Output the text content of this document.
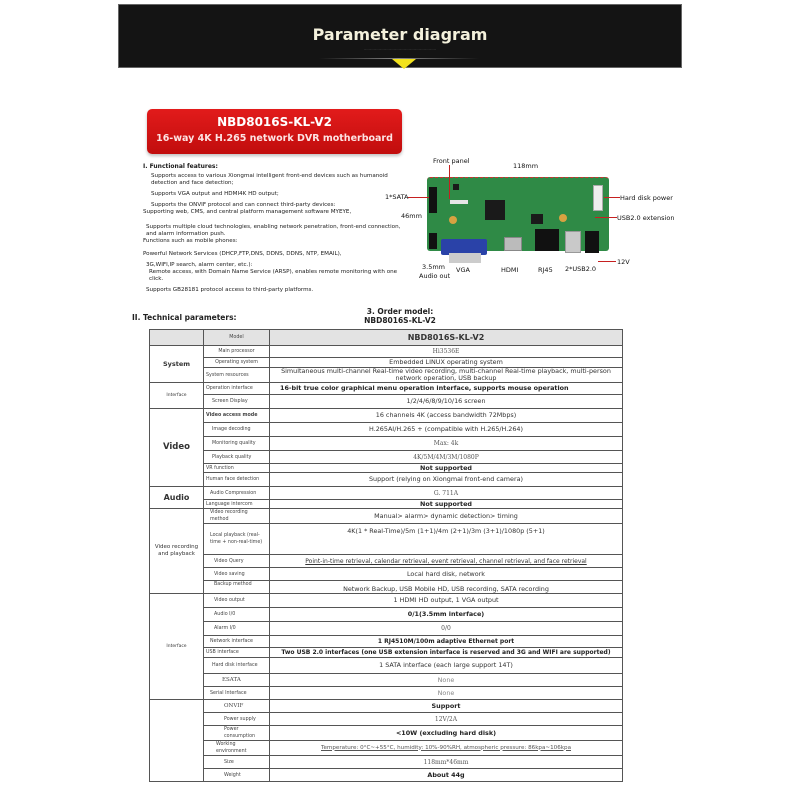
Parameter diagram
.......................................................................................
NBD8016S-KL-V2
16-way 4K H.265 network DVR motherboard

I. Functional features:

Supports access to various Xiongmai intelligent front-end devices such as humanoid detection and face detection;

Supports VGA output and HDMI4K HD output;

Supports the ONVIF protocol and can connect third-party devices:

Supporting web, CMS, and central platform management software MYEYE,

Supports multiple cloud technologies, enabling network penetration, front-end connection, and alarm information push.

Functions such as mobile phones:

Powerful Network Services (DHCP,FTP,DNS, DDNS, DDNS, NTP, EMAIL),

3G,WIFI,IP search, alarm center, etc.):

Remote access, with Domain Name Service (ARSP), enables remote monitoring with one click.

Supports GB28181 protocol access to third-party platforms.

Front panel
118mm
1*SATA
46mm
Hard disk power
USB2.0 extension
3.5mm
Audio out
VGA	HDMI	RJ45 2*USB2.0
12V
II. Technical parameters:
3. Order model:
NBD8016S-KL-V2
	Model	NBD8016S-KL-V2
System	Main processor	Hi3536E
	Operating system	Embedded LINUX operating system
	System resources	Simultaneous multi-channel Real-time video recording, multi-channel Real-time playback, multi-person network operation, USB backup
Interface	Operation interface	16-bit true color graphical menu operation interface, supports mouse operation
	Screen Display	1/2/4/6/8/9/10/16 screen
Video	Video access mode	16 channels 4K (access bandwidth 72Mbps)
	Image decoding	H.265AI/H.265 + (compatible with H.265/H.264)
	Monitoring quality	Max: 4k
	Playback quality	4K/5M/4M/3M/1080P
	VR function	Not supported
	Human face detection	Support (relying on Xiongmai front-end camera)
Audio	Audio Compression	G. 711A
	Language intercom	Not supported
Video recording and playback	Video recording method	Manual> alarm> dynamic detection> timing
	Local playback (real-time + non-real-time)	4K(1 * Real-Time)/5m (1+1)/4m (2+1)/3m (3+1)/1080p (5+1)
	Video Query	Point-in-time retrieval, calendar retrieval, event retrieval, channel retrieval, and face retrieval
	Video saving	Local hard disk, network
	Backup method	Network Backup, USB Mobile HD, USB recording, SATA recording
Interface	Video output	1 HDMI HD output, 1 VGA output
	Audio I/0	0/1(3.5mm interface)
	Alarm I/0	0/0
	Network interface	1 RJ4510M/100m adaptive Ethernet port
	USB interface	Two USB 2.0 interfaces (one USB extension interface is reserved and 3G and WIFI are supported)
	Hard disk interface	1 SATA interface (each large support 14T)
	ESATA	None
	Serial Interface	None
	ONVIF	Support
	Power supply	12V/2A
	Power consumption	<10W (excluding hard disk)
	Working environment	Temperature: 0°C~+55°C, humidity: 10%-90%RH, atmospheric pressure: 86kpa~106kpa
	Size	118mm*46mm
	Weight	About 44g
